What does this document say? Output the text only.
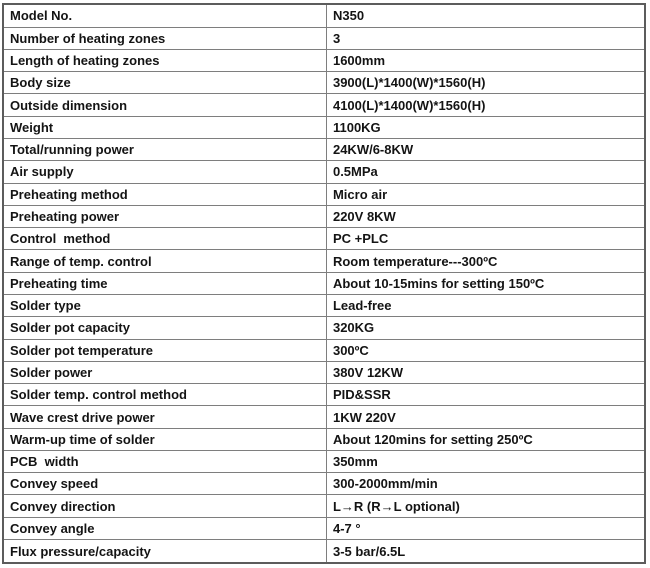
Model No.	N350
Number of heating zones	3
Length of heating zones	1600mm
Body size	3900(L)*1400(W)*1560(H)
Outside dimension	4100(L)*1400(W)*1560(H)
Weight	1100KG
Total/running power	24KW/6-8KW
Air supply	0.5MPa
Preheating method	Micro air
Preheating power	220V 8KW
Control  method	PC +PLC
Range of temp. control	Room temperature---300ºC
Preheating time	About 10-15mins for setting 150ºC
Solder type	Lead-free
Solder pot capacity	320KG
Solder pot temperature	300ºC
Solder power	380V 12KW
Solder temp. control method	PID&SSR
Wave crest drive power	1KW 220V
Warm-up time of solder	About 120mins for setting 250ºC
PCB  width	350mm
Convey speed	300-2000mm/min
Convey direction	L→R (R→L optional)
Convey angle	4-7 °
Flux pressure/capacity	3-5 bar/6.5L
